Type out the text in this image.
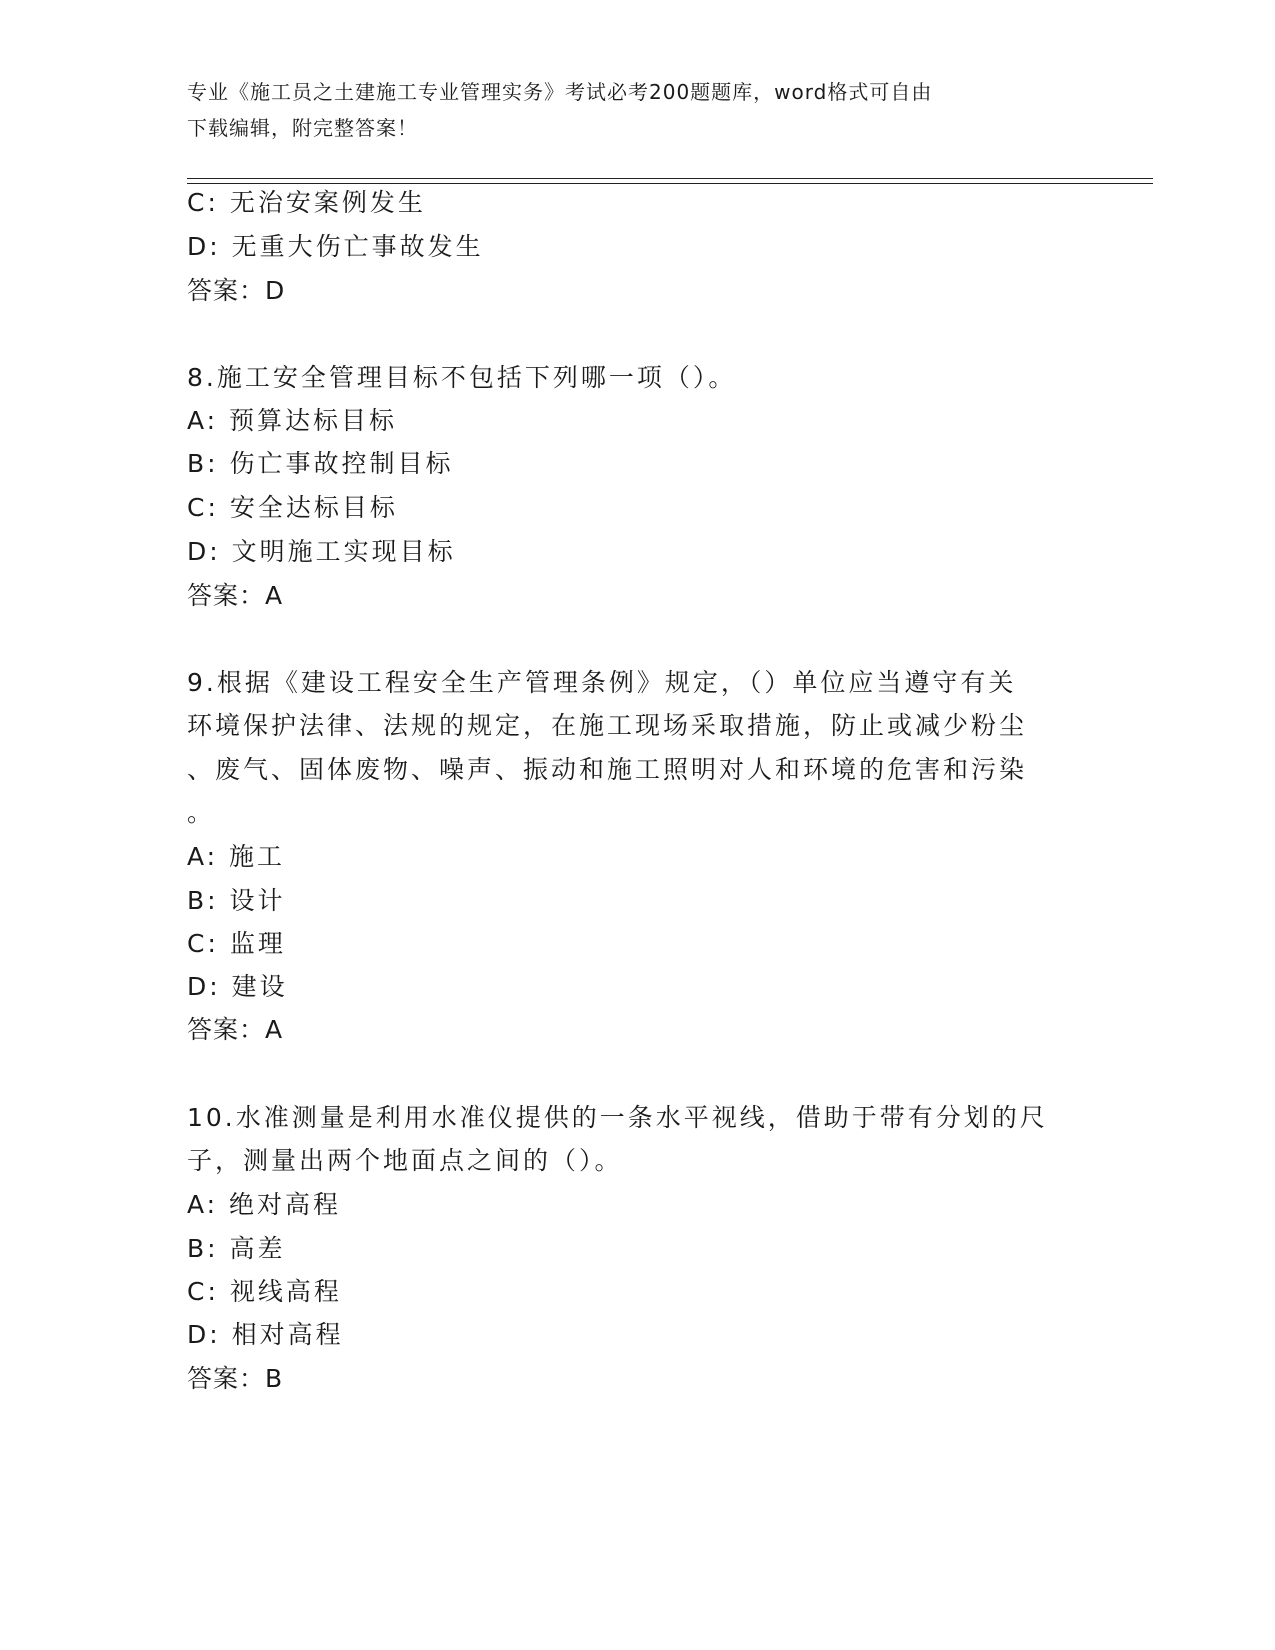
专业《施工员之土建施工专业管理实务》考试必考200题题库，word格式可自由
下载编辑，附完整答案！
C: 无治安案例发生
D: 无重大伤亡事故发生
答案：D
8.施工安全管理目标不包括下列哪一项（）。
A: 预算达标目标
B: 伤亡事故控制目标
C: 安全达标目标
D: 文明施工实现目标
答案：A
9.根据《建设工程安全生产管理条例》规定，（）单位应当遵守有关
环境保护法律、法规的规定，在施工现场采取措施，防止或减少粉尘
、废气、固体废物、噪声、振动和施工照明对人和环境的危害和污染
。
A: 施工
B: 设计
C: 监理
D: 建设
答案：A
10.水准测量是利用水准仪提供的一条水平视线，借助于带有分划的尺
子，测量出两个地面点之间的（）。
A: 绝对高程
B: 高差
C: 视线高程
D: 相对高程
答案：B
